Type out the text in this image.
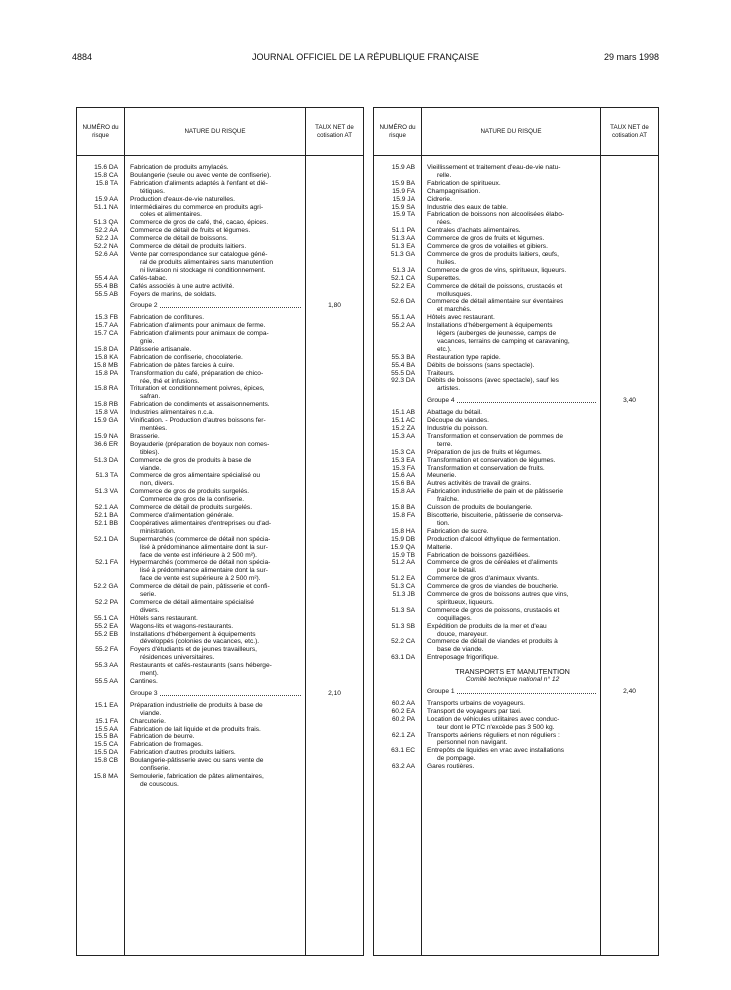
4884	JOURNAL OFFICIEL DE LA RÉPUBLIQUE FRANÇAISE	29 mars 1998
NUMÉRO du risque
NATURE DU RISQUE
TAUX NET de cotisation AT
15.6 DA	Fabrication de produits amylacés.
15.8 CA	Boulangerie (seule ou avec vente de confiserie).
15.8 TA	Fabrication d'aliments adaptés à l'enfant et dié-
tétiques.
15.9 AA	Production d'eaux-de-vie naturelles.
51.1 NA	Intermédiaires du commerce en produits agri-
coles et alimentaires.
51.3 QA	Commerce de gros de café, thé, cacao, épices.
52.2 AA	Commerce de détail de fruits et légumes.
52.2 JA	Commerce de détail de boissons.
52.2 NA	Commerce de détail de produits laitiers.
52.6 AA	Vente par correspondance sur catalogue géné-
ral de produits alimentaires sans manutention
ni livraison ni stockage ni conditionnement.
55.4 AA	Cafés-tabac.
55.4 BB	Cafés associés à une autre activité.
55.5 AB	Foyers de marins, de soldats.
Groupe 2	1,80
15.3 FB	Fabrication de confitures.
15.7 AA	Fabrication d'aliments pour animaux de ferme.
15.7 CA	Fabrication d'aliments pour animaux de compa-
gnie.
15.8 DA	Pâtisserie artisanale.
15.8 KA	Fabrication de confiserie, chocolaterie.
15.8 MB	Fabrication de pâtes farcies à cuire.
15.8 PA	Transformation du café, préparation de chico-
rée, thé et infusions.
15.8 RA	Trituration et conditionnement poivres, épices,
safran.
15.8 RB	Fabrication de condiments et assaisonnements.
15.8 VA	Industries alimentaires n.c.a.
15.9 GA	Vinification. - Production d'autres boissons fer-
mentées.
15.9 NA	Brasserie.
36.6 ER	Boyauderie (préparation de boyaux non comes-
tibles).
51.3 DA	Commerce de gros de produits à base de
viande.
51.3 TA	Commerce de gros alimentaire spécialisé ou
non, divers.
51.3 VA	Commerce de gros de produits surgelés.
Commerce de gros de la confiserie.
52.1 AA	Commerce de détail de produits surgelés.
52.1 BA	Commerce d'alimentation générale.
52.1 BB	Coopératives alimentaires d'entreprises ou d'ad-
ministration.
52.1 DA	Supermarchés (commerce de détail non spécia-
lisé à prédominance alimentaire dont la sur-
face de vente est inférieure à 2 500 m²).
52.1 FA	Hypermarchés (commerce de détail non spécia-
lisé à prédominance alimentaire dont la sur-
face de vente est supérieure à 2 500 m²).
52.2 GA	Commerce de détail de pain, pâtisserie et confi-
serie.
52.2 PA	Commerce de détail alimentaire spécialisé
divers.
55.1 CA	Hôtels sans restaurant.
55.2 EA	Wagons-lits et wagons-restaurants.
55.2 EB	Installations d'hébergement à équipements
développés (colonies de vacances, etc.).
55.2 FA	Foyers d'étudiants et de jeunes travailleurs,
résidences universitaires.
55.3 AA	Restaurants et cafés-restaurants (sans héberge-
ment).
55.5 AA	Cantines.
Groupe 3	2,10
15.1 EA	Préparation industrielle de produits à base de
viande.
15.1 FA	Charcuterie.
15.5 AA	Fabrication de lait liquide et de produits frais.
15.5 BA	Fabrication de beurre.
15.5 CA	Fabrication de fromages.
15.5 DA	Fabrication d'autres produits laitiers.
15.8 CB	Boulangerie-pâtisserie avec ou sans vente de
confiserie.
15.8 MA	Semoulerie, fabrication de pâtes alimentaires,
de couscous.
NUMÉRO du risque
NATURE DU RISQUE
TAUX NET de cotisation AT
15.9 AB	Vieillissement et traitement d'eau-de-vie natu-
relle.
15.9 BA	Fabrication de spiritueux.
15.9 FA	Champagnisation.
15.9 JA	Cidrerie.
15.9 SA	Industrie des eaux de table.
15.9 TA	Fabrication de boissons non alcoolisées élabo-
rées.
51.1 PA	Centrales d'achats alimentaires.
51.3 AA	Commerce de gros de fruits et légumes.
51.3 EA	Commerce de gros de volailles et gibiers.
51.3 GA	Commerce de gros de produits laitiers, œufs,
huiles.
51.3 JA	Commerce de gros de vins, spiritueux, liqueurs.
52.1 CA	Superettes.
52.2 EA	Commerce de détail de poissons, crustacés et
mollusques.
52.6 DA	Commerce de détail alimentaire sur éventaires
et marchés.
55.1 AA	Hôtels avec restaurant.
55.2 AA	Installations d'hébergement à équipements
légers (auberges de jeunesse, camps de
vacances, terrains de camping et caravaning,
etc.).
55.3 BA	Restauration type rapide.
55.4 BA	Débits de boissons (sans spectacle).
55.5 DA	Traiteurs.
92.3 DA	Débits de boissons (avec spectacle), sauf les
artistes.
Groupe 4	3,40
15.1 AB	Abattage du bétail.
15.1 AC	Découpe de viandes.
15.2 ZA	Industrie du poisson.
15.3 AA	Transformation et conservation de pommes de
terre.
15.3 CA	Préparation de jus de fruits et légumes.
15.3 EA	Transformation et conservation de légumes.
15.3 FA	Transformation et conservation de fruits.
15.6 AA	Meunerie.
15.6 BA	Autres activités de travail de grains.
15.8 AA	Fabrication industrielle de pain et de pâtisserie
fraîche.
15.8 BA	Cuisson de produits de boulangerie.
15.8 FA	Biscotterie, biscuiterie, pâtisserie de conserva-
tion.
15.8 HA	Fabrication de sucre.
15.9 DB	Production d'alcool éthylique de fermentation.
15.9 QA	Malterie.
15.9 TB	Fabrication de boissons gazéifiées.
51.2 AA	Commerce de gros de céréales et d'aliments
pour le bétail.
51.2 EA	Commerce de gros d'animaux vivants.
51.3 CA	Commerce de gros de viandes de boucherie.
51.3 JB	Commerce de gros de boissons autres que vins,
spiritueux, liqueurs.
51.3 SA	Commerce de gros de poissons, crustacés et
coquillages.
51.3 SB	Expédition de produits de la mer et d'eau
douce, mareyeur.
52.2 CA	Commerce de détail de viandes et produits à
base de viande.
63.1 DA	Entreposage frigorifique.
TRANSPORTS ET MANUTENTION
Comité technique national n° 12
Groupe 1	2,40
60.2 AA	Transports urbains de voyageurs.
60.2 EA	Transport de voyageurs par taxi.
60.2 PA	Location de véhicules utilitaires avec conduc-
teur dont le PTC n'excède pas 3 500 kg.
62.1 ZA	Transports aériens réguliers et non réguliers :
personnel non navigant.
63.1 EC	Entrepôts de liquides en vrac avec installations
de pompage.
63.2 AA	Gares routières.
